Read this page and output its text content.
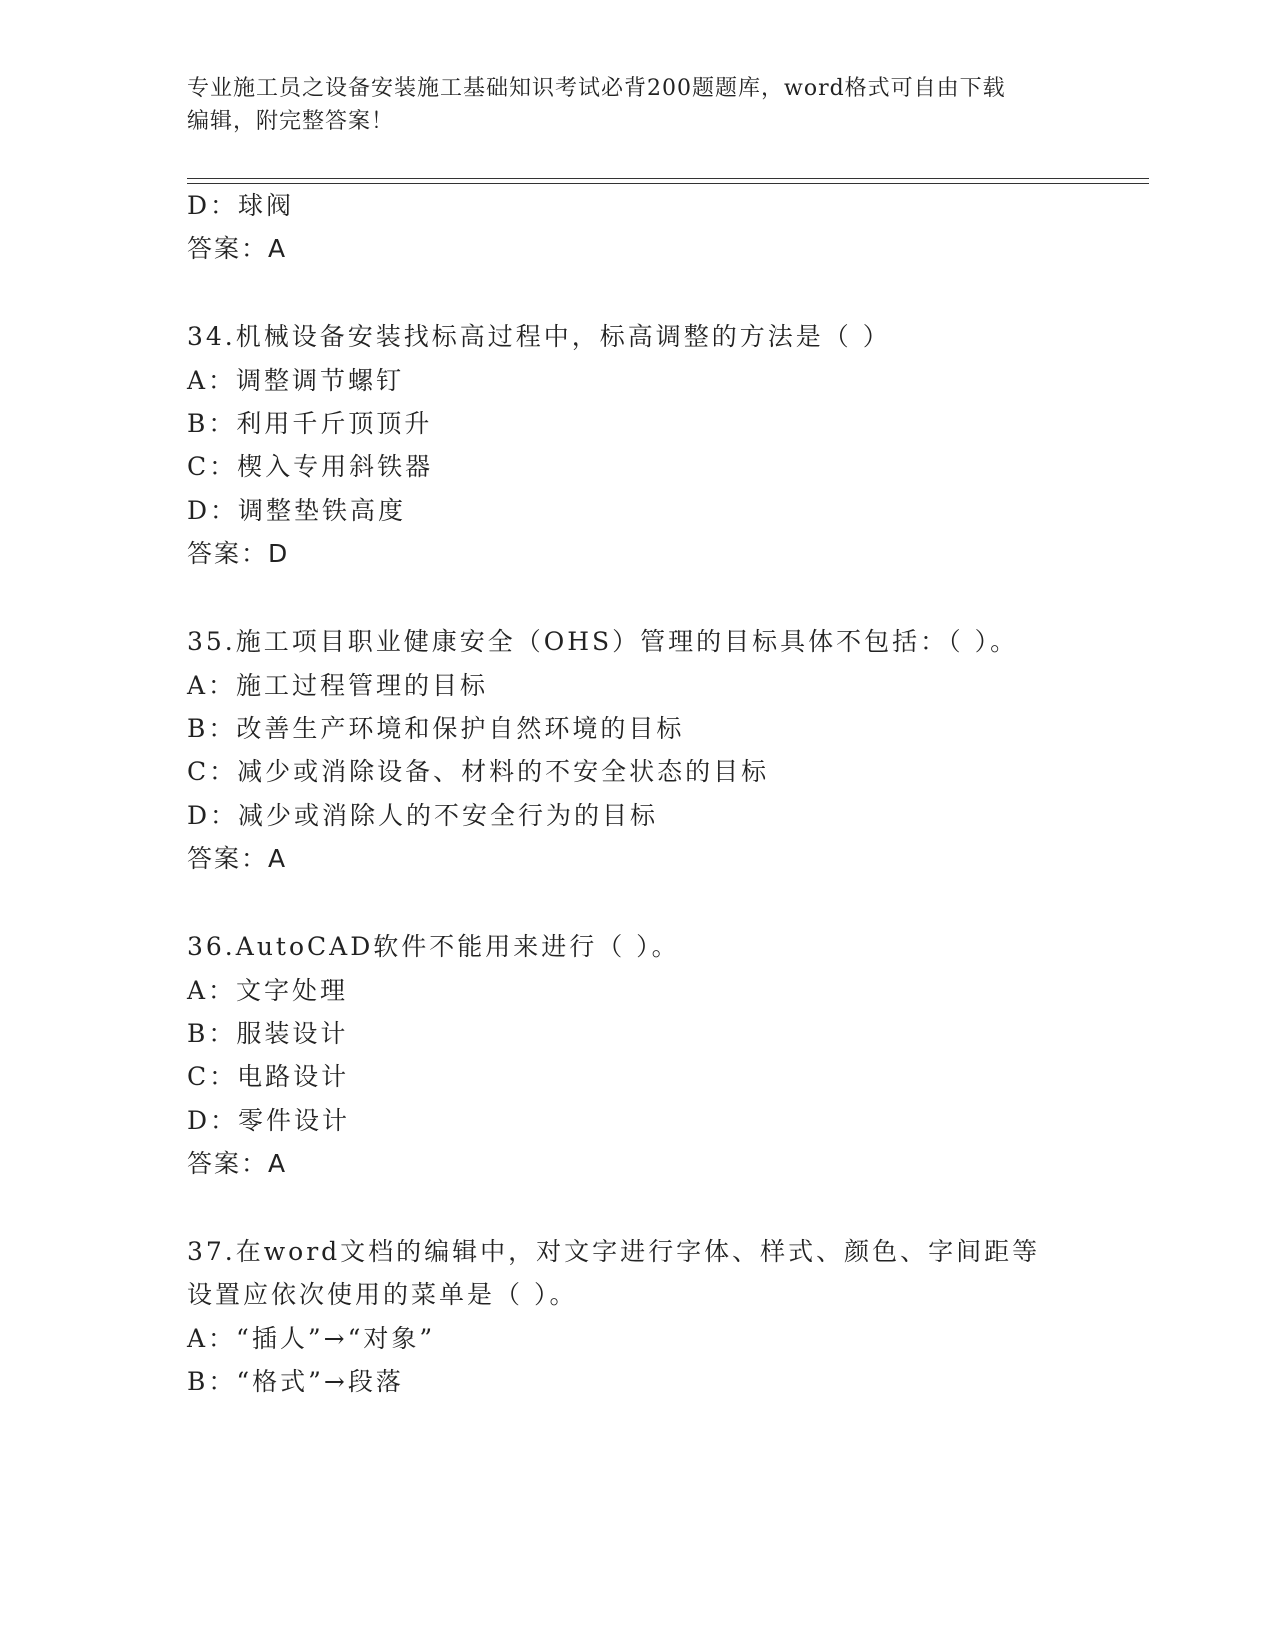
专业施工员之设备安装施工基础知识考试必背200题题库，word格式可自由下载
编辑，附完整答案！
D：球阀
答案：A
34.机械设备安装找标高过程中，标高调整的方法是（ ）
A：调整调节螺钉
B：利用千斤顶顶升
C：楔入专用斜铁器
D：调整垫铁高度
答案：D
35.施工项目职业健康安全（OHS）管理的目标具体不包括：（ ）。
A：施工过程管理的目标
B：改善生产环境和保护自然环境的目标
C：减少或消除设备、材料的不安全状态的目标
D：减少或消除人的不安全行为的目标
答案：A
36.AutoCAD软件不能用来进行（ ）。
A：文字处理
B：服装设计
C：电路设计
D：零件设计
答案：A
37.在word文档的编辑中，对文字进行字体、样式、颜色、字间距等
设置应依次使用的菜单是（ ）。
A：“插人”→“对象”
B：“格式”→段落
